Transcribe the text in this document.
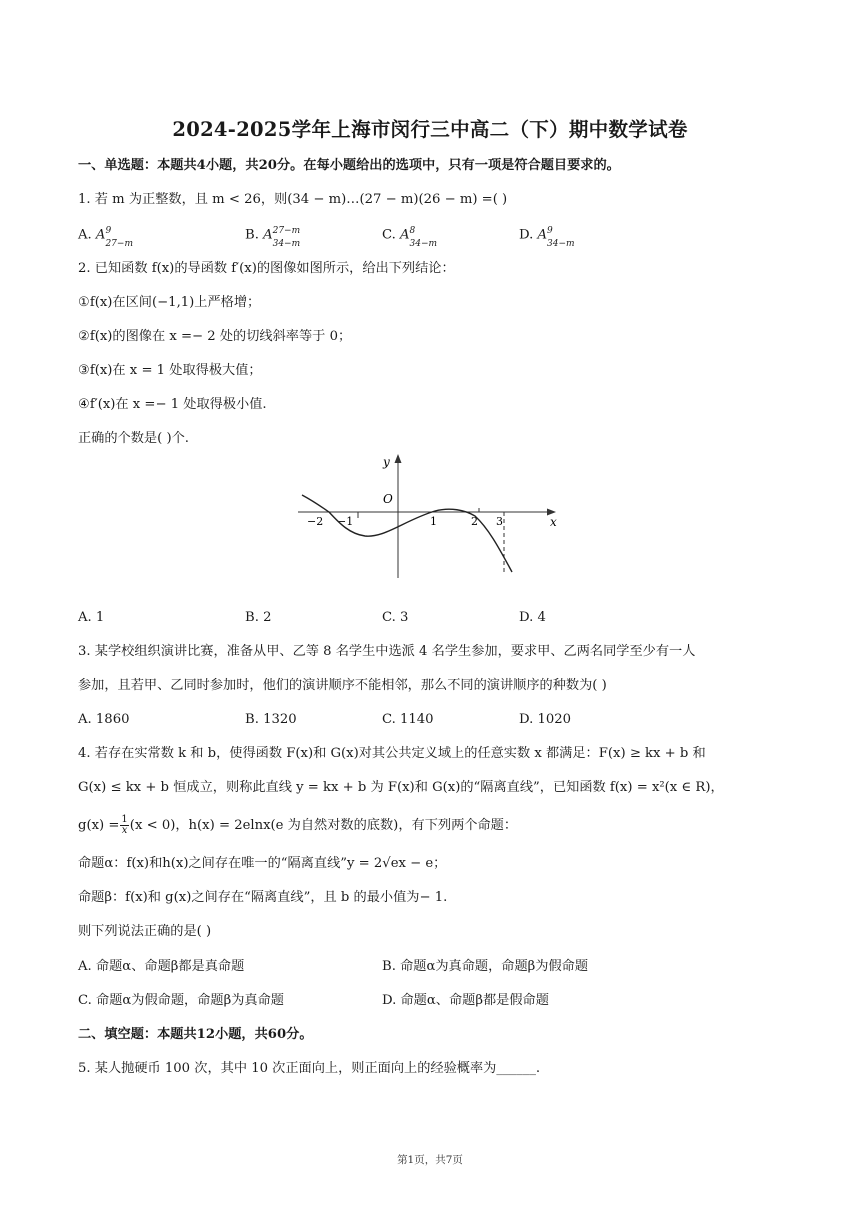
2024-2025学年上海市闵行三中高二（下）期中数学试卷
一、单选题：本题共4小题，共20分。在每小题给出的选项中，只有一项是符合题目要求的。
1. 若 m 为正整数，且 m < 26，则(34 − m)…(27 − m)(26 − m) =( )
A. A 9
27−m
B. A 27−m
34−m
C. A 8
34−m
D. A 9
34−m
2. 已知函数 f(x)的导函数 f′(x)的图像如图所示，给出下列结论：
①f(x)在区间(−1,1)上严格增；
②f(x)的图像在 x =− 2 处的切线斜率等于 0；
③f(x)在 x = 1 处取得极大值；
④f′(x)在 x =− 1 处取得极小值.
正确的个数是( )个.
y
x
O
−2 −1	1	2 3
A. 1	B. 2	C. 3	D. 4
3. 某学校组织演讲比赛，准备从甲、乙等 8 名学生中选派 4 名学生参加，要求甲、乙两名同学至少有一人
参加，且若甲、乙同时参加时，他们的演讲顺序不能相邻，那么不同的演讲顺序的种数为( )
A. 1860	B. 1320	C. 1140	D. 1020
4. 若存在实常数 k 和 b，使得函数 F(x)和 G(x)对其公共定义域上的任意实数 x 都满足：F(x) ≥ kx + b 和
G(x) ≤ kx + b 恒成立，则称此直线 y = kx + b 为 F(x)和 G(x)的“隔离直线”，已知函数 f(x) = x²(x ∈ R)，
$g(x) = \frac{1}{x} (x < 0)$，h(x) = 2elnx(e 为自然对数的底数)，有下列两个命题：
命题α：f(x)和h(x)之间存在唯一的“隔离直线”y = 2√ex − e；
命题β：f(x)和 g(x)之间存在“隔离直线”，且 b 的最小值为− 1.
则下列说法正确的是( )
A. 命题α、命题β都是真命题	B. 命题α为真命题，命题β为假命题
C. 命题α为假命题，命题β为真命题	D. 命题α、命题β都是假命题
二、填空题：本题共12小题，共60分。
5. 某人抛硬币 100 次，其中 10 次正面向上，则正面向上的经验概率为______.
第1页，共7页
